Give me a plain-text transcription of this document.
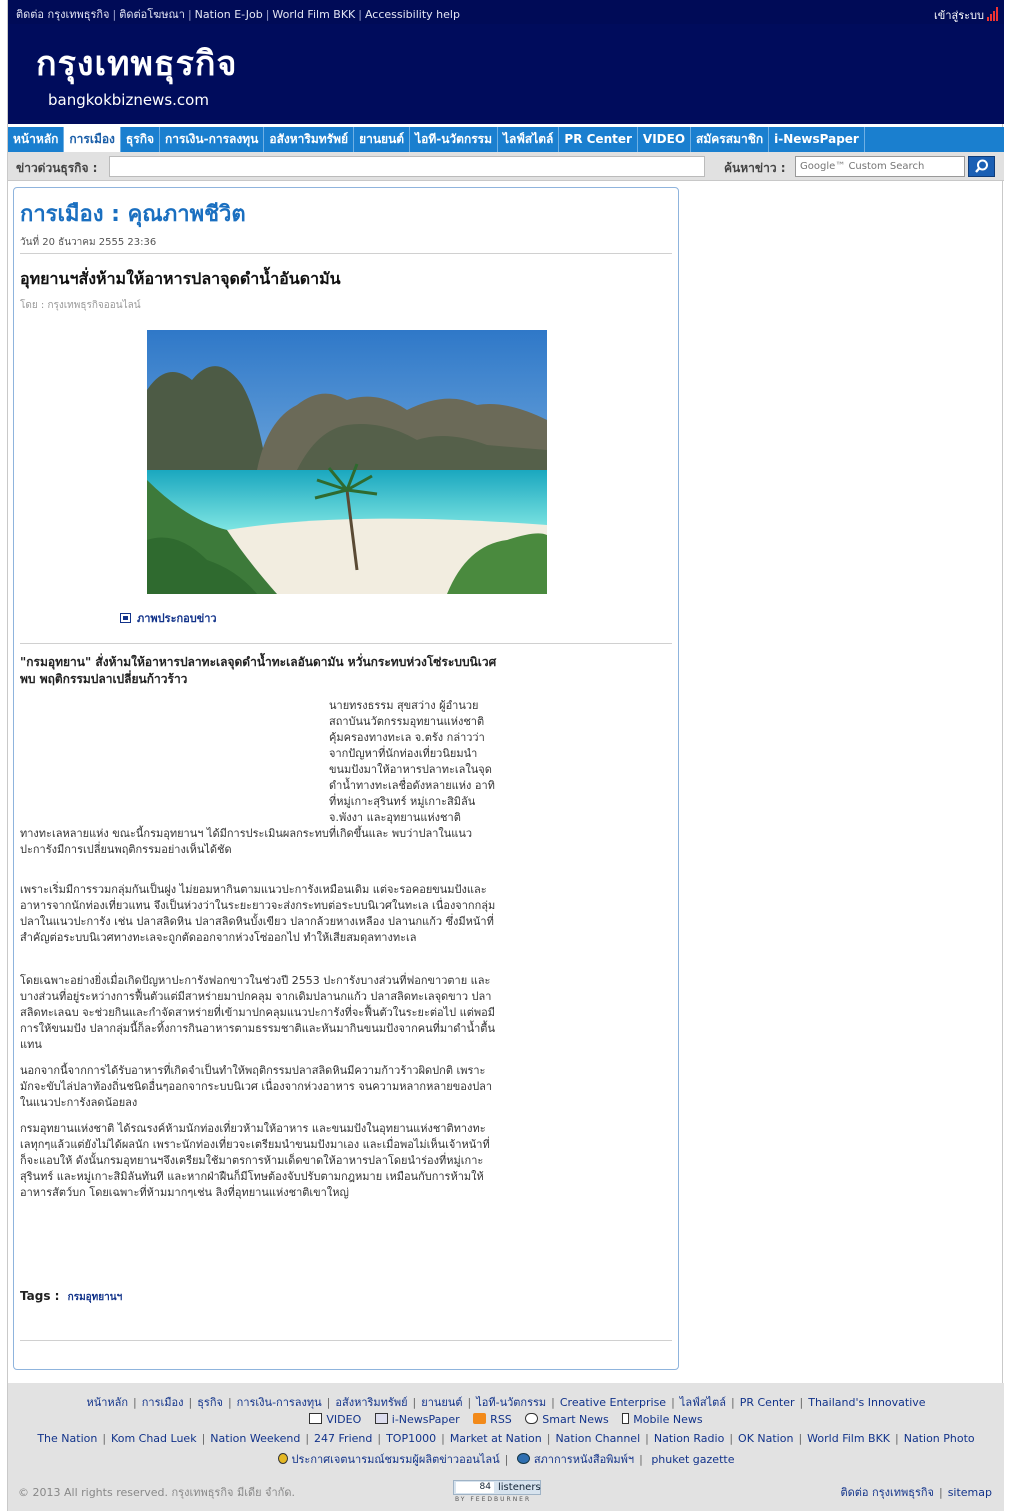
ติดต่อ กรุงเทพธุรกิจ | ติดต่อโฆษณา | Nation E-Job | World Film BKK | Accessibility help	เข้าสู่ระบบ
กรุงเทพธุรกิจ
bangkokbiznews.com
หน้าหลัก การเมือง ธุรกิจ การเงิน-การลงทุน อสังหาริมทรัพย์ ยานยนต์ ไอที-นวัตกรรม ไลฟ์สไตล์ PR Center VIDEO สมัครสมาชิก i-NewsPaper
ข่าวด่วนธุรกิจ :	ค้นหาข่าว :
Google™ Custom Search
การเมือง : คุณภาพชีวิต
วันที่ 20 ธันวาคม 2555 23:36
อุทยานฯสั่งห้ามให้อาหารปลาจุดดำน้ำอันดามัน
โดย : กรุงเทพธุรกิจออนไลน์
ภาพประกอบข่าว
"กรมอุทยาน" สั่งห้ามให้อาหารปลาทะเลจุดดำน้ำทะเลอันดามัน หวั่นกระทบห่วงโซ่ระบบนิเวศ พบ พฤติกรรมปลาเปลี่ยนก้าวร้าว
นายทรงธรรม สุขสว่าง ผู้อำนวยสถาบันนวัตกรรมอุทยานแห่งชาติคุ้มครองทางทะเล จ.ตรัง กล่าวว่า จากปัญหาที่นักท่องเที่ยวนิยมนำขนมปังมาให้อาหารปลาทะเลในจุดดำน้ำทางทะเลชื่อดังหลายแห่ง อาทิ ที่หมู่เกาะสุรินทร์ หมู่เกาะสิมิลัน จ.พังงา และอุทยานแห่งชาติ
ทางทะเลหลายแห่ง ขณะนี้กรมอุทยานฯ ได้มีการประเมินผลกระทบที่เกิดขึ้นและ พบว่าปลาในแนวปะการังมีการเปลี่ยนพฤติกรรมอย่างเห็นได้ชัด
เพราะเริ่มมีการรวมกลุ่มกันเป็นฝูง ไม่ยอมหากินตามแนวปะการังเหมือนเดิม แต่จะรอคอยขนมปังและอาหารจากนักท่องเที่ยวแทน จึงเป็นห่วงว่าในระยะยาวจะส่งกระทบต่อระบบนิเวศในทะเล เนื่องจากกลุ่มปลาในแนวปะการัง เช่น ปลาสลิดหิน ปลาสลิดหินบั้งเขียว ปลากล้วยหางเหลือง ปลานกแก้ว ซึ่งมีหน้าที่สำคัญต่อระบบนิเวศทางทะเลจะถูกตัดออกจากห่วงโซ่ออกไป ทำให้เสียสมดุลทางทะเล
โดยเฉพาะอย่างยิ่งเมื่อเกิดปัญหาปะการังฟอกขาวในช่วงปี 2553 ปะการังบางส่วนที่ฟอกขาวตาย และบางส่วนที่อยู่ระหว่างการฟื้นตัวแต่มีสาหร่ายมาปกคลุม จากเดิมปลานกแก้ว ปลาสลิดทะเลจุดขาว ปลาสลิดทะเลฉบ จะช่วยกินและกำจัดสาหร่ายที่เข้ามาปกคลุมแนวปะการังที่จะฟื้นตัวในระยะต่อไป แต่พอมีการให้ขนมปัง ปลากลุ่มนี้ก็ละทิ้งการกินอาหารตามธรรมชาติและหันมากินขนมปังจากคนที่มาดำน้ำตื้นแทน
นอกจากนี้จากการได้รับอาหารที่เกิดจำเป็นทำให้พฤติกรรมปลาสลิดหินมีความก้าวร้าวผิดปกติ เพราะมักจะขับไล่ปลาท้องถิ่นชนิดอื่นๆออกจากระบบนิเวศ เนื่องจากห่วงอาหาร จนความหลากหลายของปลาในแนวปะการังลดน้อยลง
กรมอุทยานแห่งชาติ ได้รณรงค์ห้ามนักท่องเที่ยวห้ามให้อาหาร และขนมปังในอุทยานแห่งชาติทางทะเลทุกๆแล้วแต่ยังไม่ได้ผลนัก เพราะนักท่องเที่ยวจะเตรียมนำขนมปังมาเอง และเมื่อพอไม่เห็นเจ้าหน้าที่ก็จะแอบให้ ดังนั้นกรมอุทยานฯจึงเตรียมใช้มาตรการห้ามเด็ดขาดให้อาหารปลาโดยนำร่องที่หมู่เกาะสุรินทร์ และหมู่เกาะสิมิลันทันที และหากฝ่าฝืนก็มีโทษต้องจับปรับตามกฎหมาย เหมือนกับการห้ามให้อาหารสัตว์บก โดยเฉพาะที่ห้ามมากๆเช่น ลิงที่อุทยานแห่งชาติเขาใหญ่
Tags : กรมอุทยานฯ
หน้าหลัก | การเมือง | ธุรกิจ | การเงิน-การลงทุน | อสังหาริมทรัพย์ | ยานยนต์ | ไอที-นวัตกรรม | Creative Enterprise | ไลฟ์สไตล์ | PR Center | Thailand's Innovative
VIDEO	i-NewsPaper	RSS	Smart News Mobile News
The Nation | Kom Chad Luek | Nation Weekend | 247 Friend | TOP1000 | Market at Nation | Nation Channel | Nation Radio | OK Nation | World Film BKK | Nation Photo
ประกาศเจตนารมณ์ชมรมผู้ผลิตข่าวออนไลน์ | สภาการหนังสือพิมพ์ฯ | phuket gazette
© 2013 All rights reserved. กรุงเทพธุรกิจ มีเดีย จำกัด.	84 listeners
BY FEEDBURNER
ติดต่อ กรุงเทพธุรกิจ | sitemap
